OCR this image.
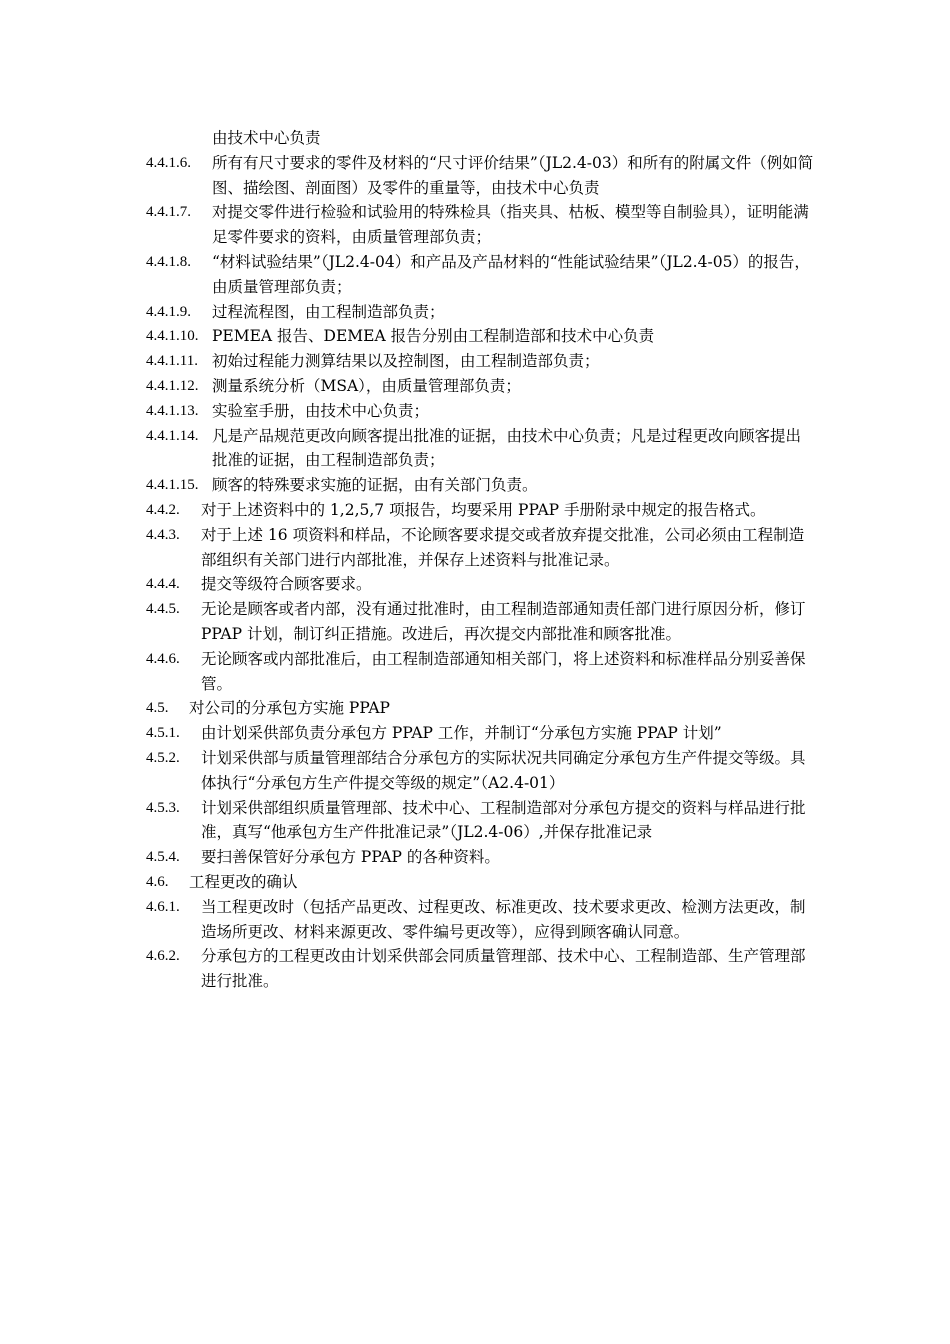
由技术中心负责
4.4.1.6.	所有有尺寸要求的零件及材料的“尺寸评价结果”（JL2.4-03）和所有的附属文件（例如简图、描绘图、剖面图）及零件的重量等，由技术中心负责
4.4.1.7.	对提交零件进行检验和试验用的特殊检具（指夹具、枯板、模型等自制验具），证明能满足零件要求的资料，由质量管理部负责；
4.4.1.8.	“材料试验结果”（JL2.4-04）和产品及产品材料的“性能试验结果”（JL2.4-05）的报告，由质量管理部负责；
4.4.1.9.	过程流程图，由工程制造部负责；
4.4.1.10. PEMEA 报告、DEMEA 报告分别由工程制造部和技术中心负责
4.4.1.11. 初始过程能力测算结果以及控制图，由工程制造部负责；
4.4.1.12. 测量系统分析（MSA），由质量管理部负责；
4.4.1.13. 实验室手册，由技术中心负责；
4.4.1.14. 凡是产品规范更改向顾客提出批准的证据，由技术中心负责；凡是过程更改向顾客提出批准的证据，由工程制造部负责；
4.4.1.15. 顾客的特殊要求实施的证据，由有关部门负责。
4.4.2.	对于上述资料中的 1,2,5,7 项报告，均要采用 PPAP 手册附录中规定的报告格式。
4.4.3.	对于上述 16 项资料和样品，不论顾客要求提交或者放弃提交批准，公司必须由工程制造部组织有关部门进行内部批准，并保存上述资料与批准记录。
4.4.4.	提交等级符合顾客要求。
4.4.5.	无论是顾客或者内部，没有通过批准时，由工程制造部通知责任部门进行原因分析，修订 PPAP 计划，制订纠正措施。改进后，再次提交内部批准和顾客批准。
4.4.6.	无论顾客或内部批准后，由工程制造部通知相关部门，将上述资料和标准样品分别妥善保管。
4.5.	对公司的分承包方实施 PPAP
4.5.1.	由计划采供部负责分承包方 PPAP 工作，并制订“分承包方实施 PPAP 计划”
4.5.2.	计划采供部与质量管理部结合分承包方的实际状况共同确定分承包方生产件提交等级。具体执行“分承包方生产件提交等级的规定”（A2.4-01）
4.5.3.	计划采供部组织质量管理部、技术中心、工程制造部对分承包方提交的资料与样品进行批准，真写“他承包方生产件批准记录”（JL2.4-06）,并保存批准记录
4.5.4.	要扫善保管好分承包方 PPAP 的各种资料。
4.6.	工程更改的确认
4.6.1.	当工程更改时（包括产品更改、过程更改、标准更改、技术要求更改、检测方法更改，制造场所更改、材料来源更改、零件编号更改等），应得到顾客确认同意。
4.6.2.	分承包方的工程更改由计划采供部会同质量管理部、技术中心、工程制造部、生产管理部进行批准。
